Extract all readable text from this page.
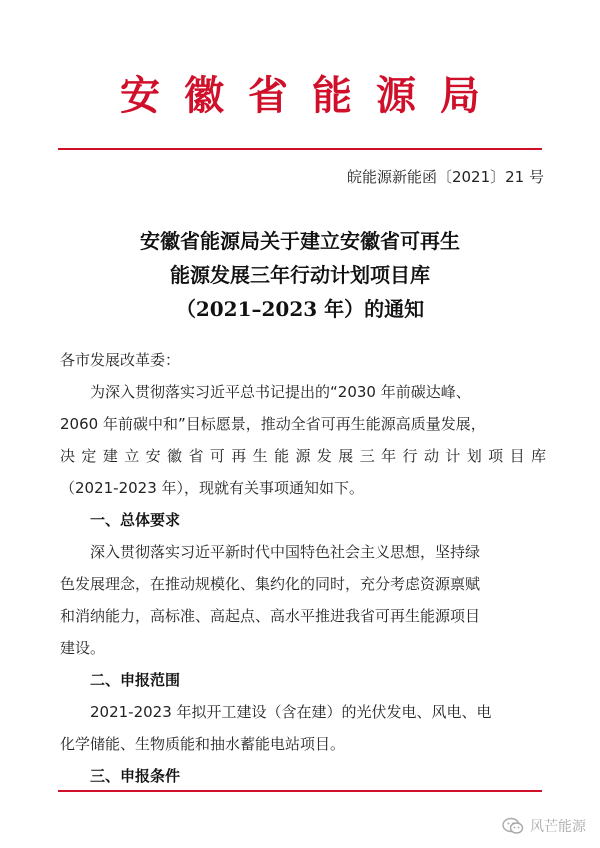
安徽省能源局
皖能源新能函〔2021〕21 号
安徽省能源局关于建立安徽省可再生
能源发展三年行动计划项目库
（2021–2023 年）的通知
各市发展改革委：
为深入贯彻落实习近平总书记提出的“2030 年前碳达峰、
2060 年前碳中和”目标愿景，推动全省可再生能源高质量发展，
决定建立安徽省可再生能源发展三年行动计划项目库
（2021-2023 年），现就有关事项通知如下。
一、总体要求
深入贯彻落实习近平新时代中国特色社会主义思想，坚持绿
色发展理念，在推动规模化、集约化的同时，充分考虑资源禀赋
和消纳能力，高标准、高起点、高水平推进我省可再生能源项目
建设。
二、申报范围
2021-2023 年拟开工建设（含在建）的光伏发电、风电、电
化学储能、生物质能和抽水蓄能电站项目。
三、申报条件
风芒能源
